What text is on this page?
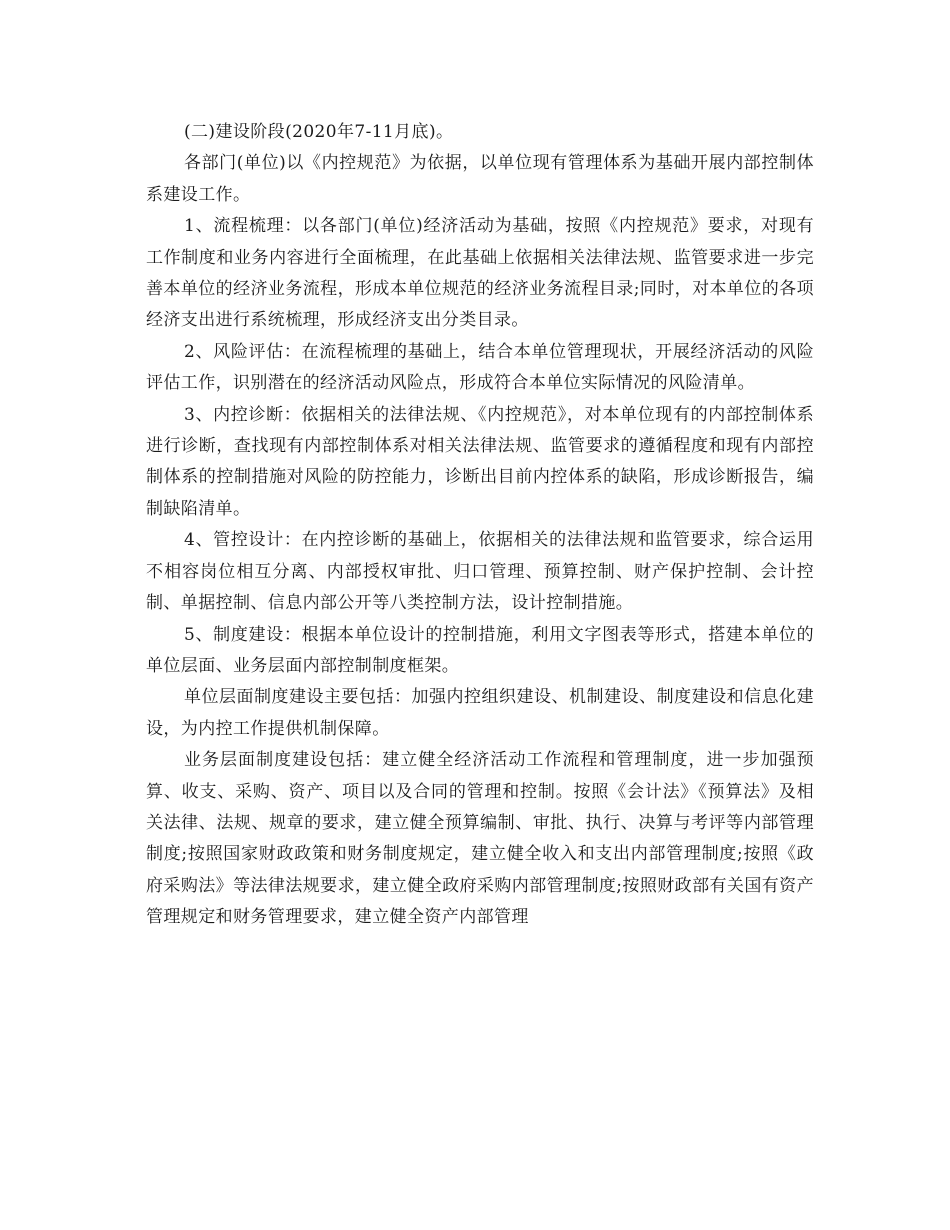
(二)建设阶段(2020年7-11月底)。

各部门(单位)以《内控规范》为依据，以单位现有管理体系为基础开展内部控制体系建设工作。

1、流程梳理：以各部门(单位)经济活动为基础，按照《内控规范》要求，对现有工作制度和业务内容进行全面梳理，在此基础上依据相关法律法规、监管要求进一步完善本单位的经济业务流程，形成本单位规范的经济业务流程目录;同时，对本单位的各项经济支出进行系统梳理，形成经济支出分类目录。

2、风险评估：在流程梳理的基础上，结合本单位管理现状，开展经济活动的风险评估工作，识别潜在的经济活动风险点，形成符合本单位实际情况的风险清单。

3、内控诊断：依据相关的法律法规、《内控规范》，对本单位现有的内部控制体系进行诊断，查找现有内部控制体系对相关法律法规、监管要求的遵循程度和现有内部控制体系的控制措施对风险的防控能力，诊断出目前内控体系的缺陷，形成诊断报告，编制缺陷清单。

4、管控设计：在内控诊断的基础上，依据相关的法律法规和监管要求，综合运用不相容岗位相互分离、内部授权审批、归口管理、预算控制、财产保护控制、会计控制、单据控制、信息内部公开等八类控制方法，设计控制措施。

5、制度建设：根据本单位设计的控制措施，利用文字图表等形式，搭建本单位的单位层面、业务层面内部控制制度框架。

单位层面制度建设主要包括：加强内控组织建设、机制建设、制度建设和信息化建设，为内控工作提供机制保障。

业务层面制度建设包括：建立健全经济活动工作流程和管理制度，进一步加强预算、收支、采购、资产、项目以及合同的管理和控制。按照《会计法》《预算法》及相关法律、法规、规章的要求，建立健全预算编制、审批、执行、决算与考评等内部管理制度;按照国家财政政策和财务制度规定，建立健全收入和支出内部管理制度;按照《政府采购法》等法律法规要求，建立健全政府采购内部管理制度;按照财政部有关国有资产管理规定和财务管理要求，建立健全资产内部管理
